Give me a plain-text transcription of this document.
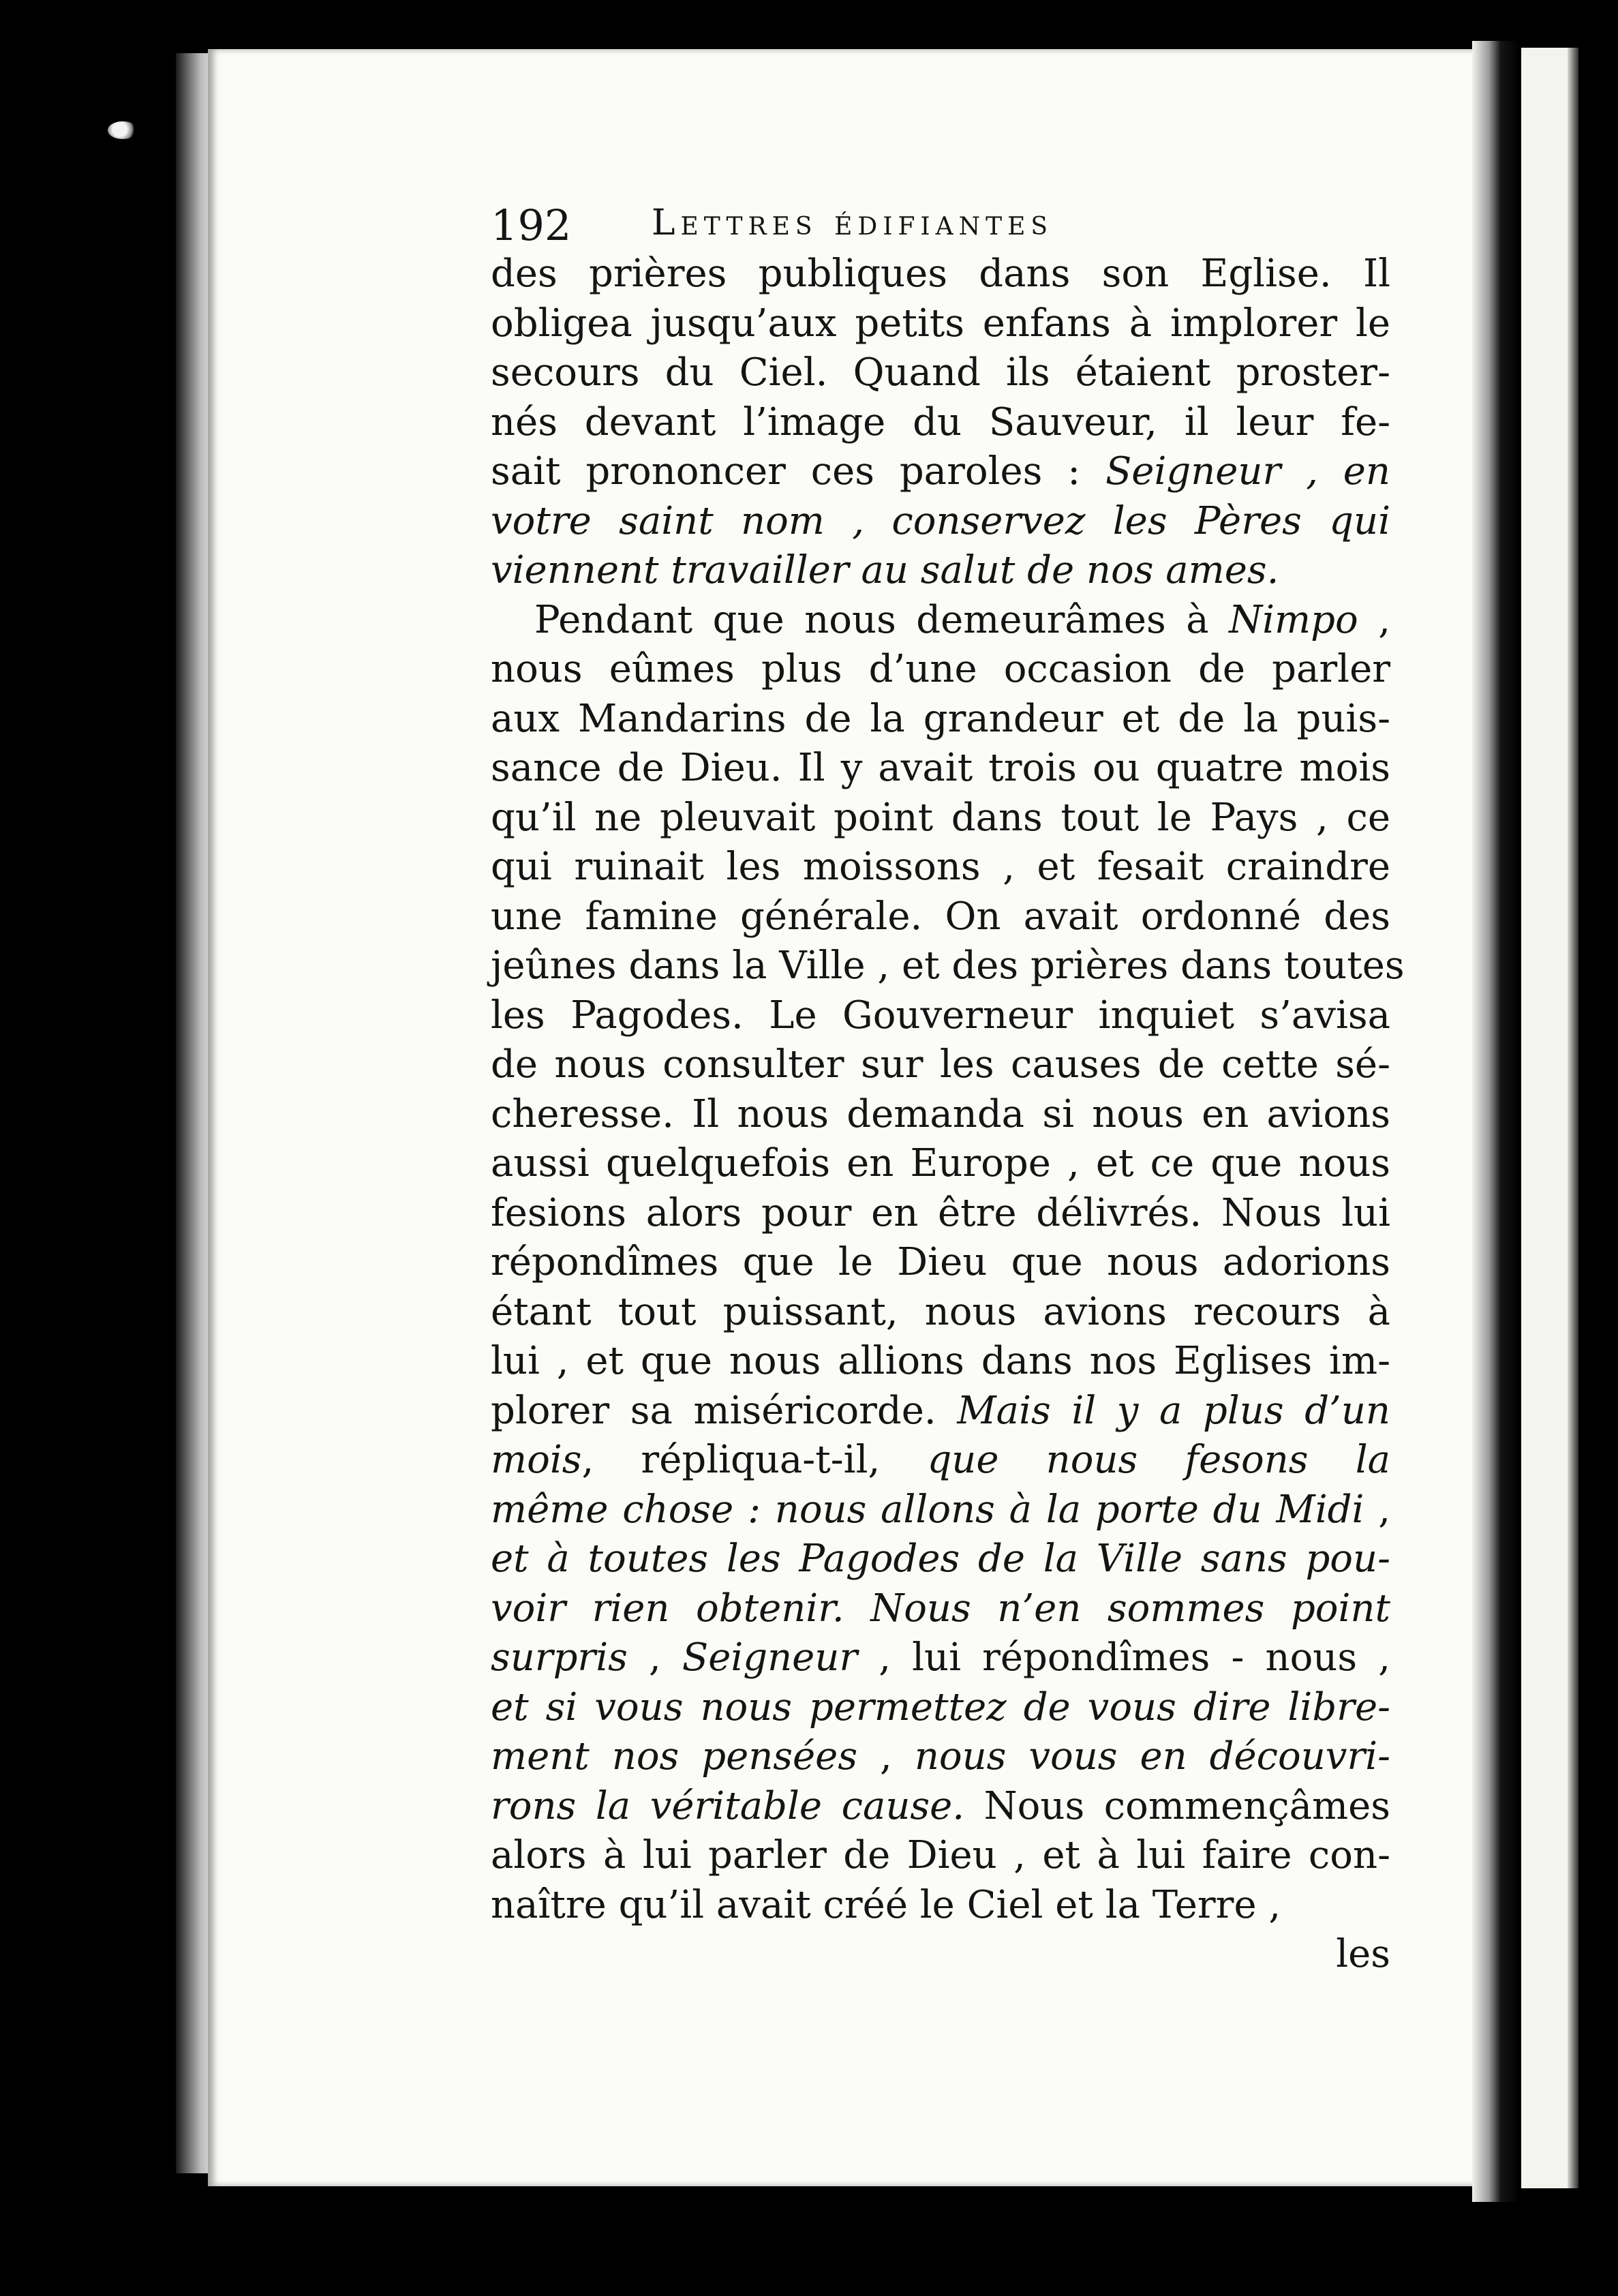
192 Lettres édifiantes
des prières publiques dans son Eglise. Il
obligea jusqu’aux petits enfans à implorer le
secours du Ciel. Quand ils étaient proster-
nés devant l’image du Sauveur, il leur fe-
sait prononcer ces paroles : Seigneur , en
votre saint nom , conservez les Pères qui
viennent travailler au salut de nos ames.
Pendant que nous demeurâmes à Nimpo ,
nous eûmes plus d’une occasion de parler
aux Mandarins de la grandeur et de la puis-
sance de Dieu. Il y avait trois ou quatre mois
qu’il ne pleuvait point dans tout le Pays , ce
qui ruinait les moissons , et fesait craindre
une famine générale. On avait ordonné des
jeûnes dans la Ville , et des prières dans toutes
les Pagodes. Le Gouverneur inquiet s’avisa
de nous consulter sur les causes de cette sé-
cheresse. Il nous demanda si nous en avions
aussi quelquefois en Europe , et ce que nous
fesions alors pour en être délivrés. Nous lui
répondîmes que le Dieu que nous adorions
étant tout puissant, nous avions recours à
lui , et que nous allions dans nos Eglises im-
plorer sa miséricorde. Mais il y a plus d’un
mois, répliqua-t-il, que nous fesons la
même chose : nous allons à la porte du Midi ,
et à toutes les Pagodes de la Ville sans pou-
voir rien obtenir. Nous n’en sommes point
surpris , Seigneur , lui répondîmes - nous ,
et si vous nous permettez de vous dire libre-
ment nos pensées , nous vous en découvri-
rons la véritable cause. Nous commençâmes
alors à lui parler de Dieu , et à lui faire con-
naître qu’il avait créé le Ciel et la Terre ,
les
